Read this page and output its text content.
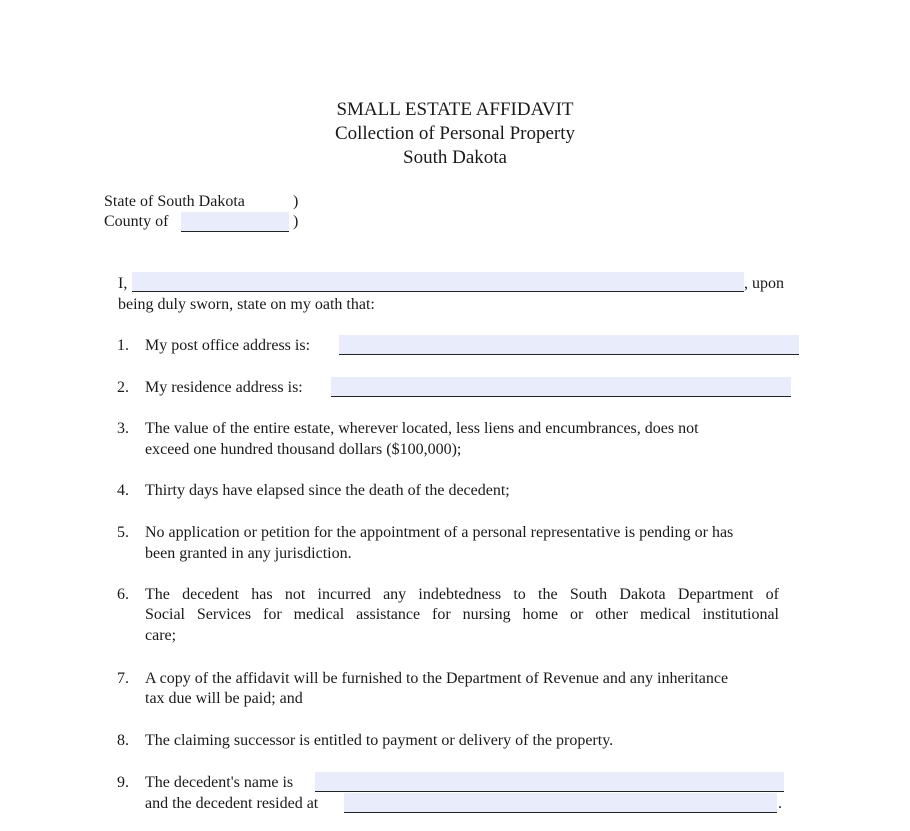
SMALL ESTATE AFFIDAVIT
Collection of Personal Property
South Dakota
State of South Dakota	)
County of	)
I,	, upon
being duly sworn, state on my oath that:
1. My post office address is:
2. My residence address is:
3. The value of the entire estate, wherever located, less liens and encumbrances, does not
exceed one hundred thousand dollars ($100,000);
4. Thirty days have elapsed since the death of the decedent;
5. No application or petition for the appointment of a personal representative is pending or has
been granted in any jurisdiction.
6. The decedent has not incurred any indebtedness to the South Dakota Department of
Social Services for medical assistance for nursing home or other medical institutional
care;
7. A copy of the affidavit will be furnished to the Department of Revenue and any inheritance
tax due will be paid; and
8. The claiming successor is entitled to payment or delivery of the property.
9. The decedent's name is
and the decedent resided at	.
